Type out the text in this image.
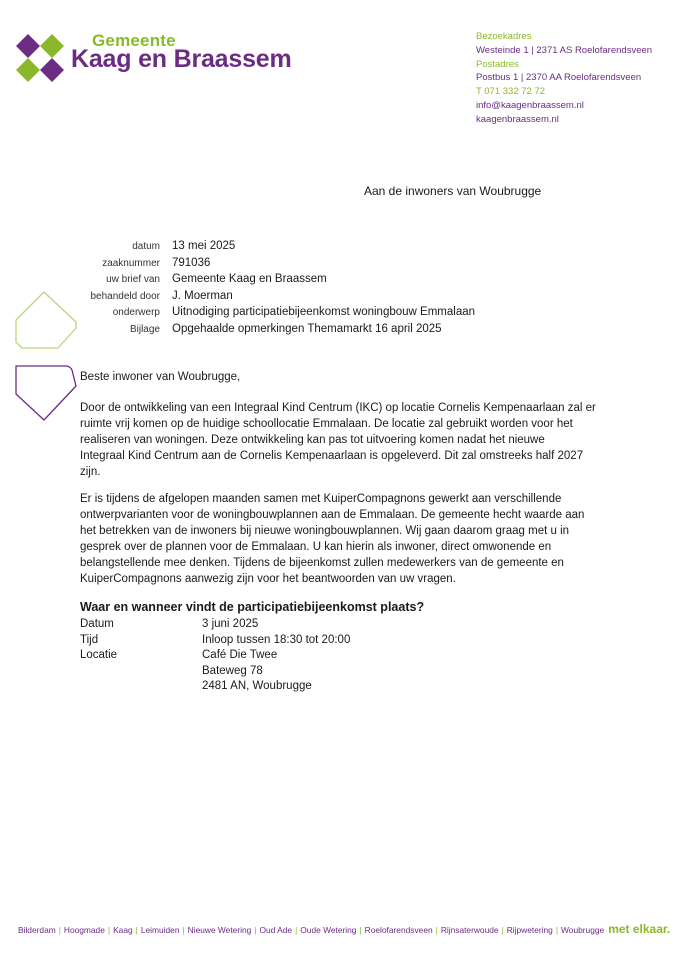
Gemeente
Kaag en Braassem
Bezoekadres
Westeinde 1 | 2371 AS Roelofarendsveen
Postadres
Postbus 1 | 2370 AA Roelofarendsveen
T 071 332 72 72
info@kaagenbraassem.nl
kaagenbraassem.nl
Aan de inwoners van Woubrugge
datum
zaaknummer
uw brief van
behandeld door
onderwerp
Bijlage
13 mei 2025
791036
Gemeente Kaag en Braassem
J. Moerman
Uitnodiging participatiebijeenkomst woningbouw Emmalaan
Opgehaalde opmerkingen Themamarkt 16 april 2025
Beste inwoner van Woubrugge,
Door de ontwikkeling van een Integraal Kind Centrum (IKC) op locatie Cornelis Kempenaarlaan zal er
ruimte vrij komen op de huidige schoollocatie Emmalaan. De locatie zal gebruikt worden voor het
realiseren van woningen. Deze ontwikkeling kan pas tot uitvoering komen nadat het nieuwe
Integraal Kind Centrum aan de Cornelis Kempenaarlaan is opgeleverd. Dit zal omstreeks half 2027
zijn.
Er is tijdens de afgelopen maanden samen met KuiperCompagnons gewerkt aan verschillende
ontwerpvarianten voor de woningbouwplannen aan de Emmalaan. De gemeente hecht waarde aan
het betrekken van de inwoners bij nieuwe woningbouwplannen. Wij gaan daarom graag met u in
gesprek over de plannen voor de Emmalaan. U kan hierin als inwoner, direct omwonende en
belangstellende mee denken. Tijdens de bijeenkomst zullen medewerkers van de gemeente en
KuiperCompagnons aanwezig zijn voor het beantwoorden van uw vragen.
Waar en wanneer vindt de participatiebijeenkomst plaats?
Datum
Tijd
Locatie
3 juni 2025
Inloop tussen 18:30 tot 20:00
Café Die Twee
Bateweg 78
2481 AN, Woubrugge
Bilderdam | Hoogmade | Kaag | Leimuiden | Nieuwe Wetering | Oud Ade | Oude Wetering | Roelofarendsveen | Rijnsaterwoude | Rijpwetering | Woubrugge met elkaar.
